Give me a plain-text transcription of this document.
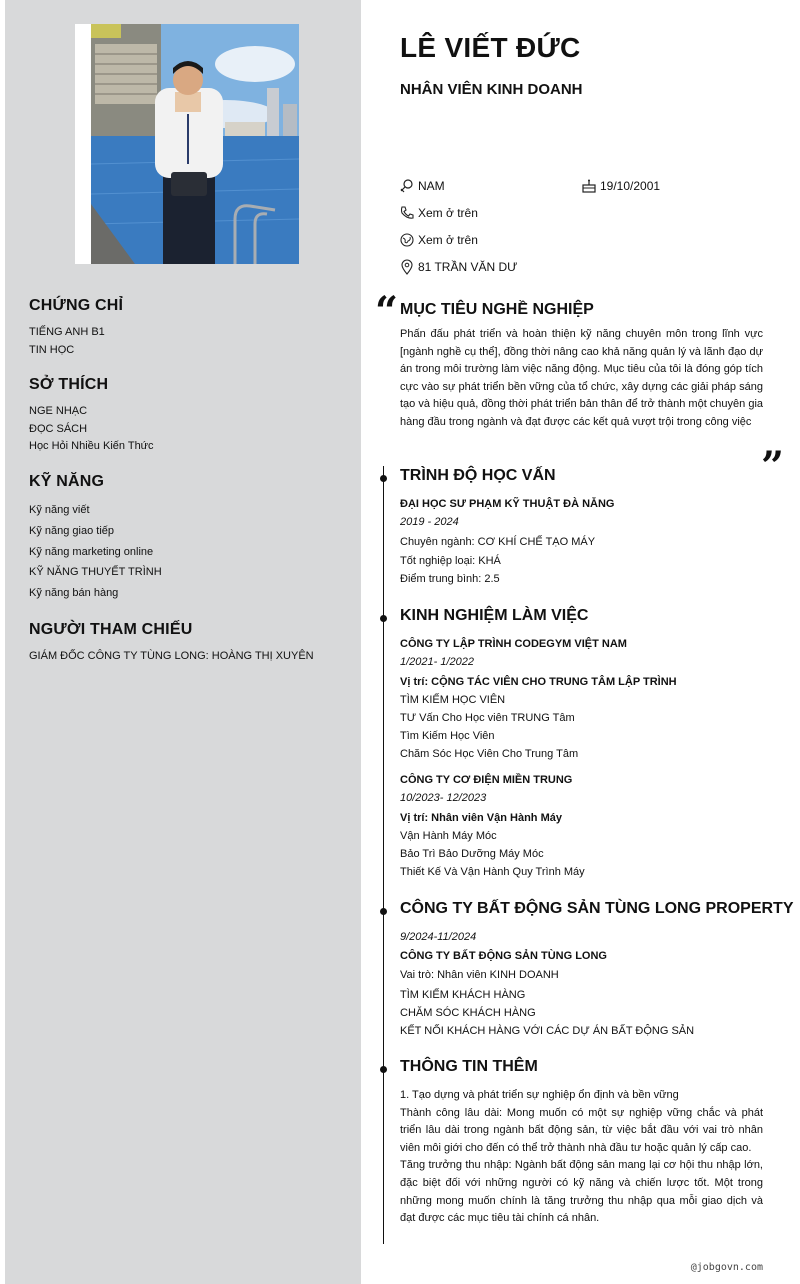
CHỨNG CHỈ
TIẾNG ANH B1
TIN HỌC
SỞ THÍCH
NGE NHẠC
ĐỌC SÁCH
Học Hỏi Nhiều Kiến Thức
KỸ NĂNG
Kỹ năng viết
Kỹ năng giao tiếp
Kỹ năng marketing online
KỸ NĂNG THUYẾT TRÌNH
Kỹ năng bán hàng
NGƯỜI THAM CHIẾU
GIÁM ĐỐC CÔNG TY TÙNG LONG: HOÀNG THỊ XUYÊN
LÊ VIẾT ĐỨC
NHÂN VIÊN KINH DOANH
NAM	19/10/2001
Xem ở trên
Xem ở trên
81 TRẦN VĂN DƯ
“ MỤC TIÊU NGHỀ NGHIỆP
Phấn đấu phát triển và hoàn thiện kỹ năng chuyên môn trong lĩnh vực [ngành nghề cụ thể], đồng thời nâng cao khả năng quản lý và lãnh đạo dự án trong môi trường làm việc năng động. Mục tiêu của tôi là đóng góp tích cực vào sự phát triển bền vững của tổ chức, xây dựng các giải pháp sáng tạo và hiệu quả, đồng thời phát triển bản thân để trở thành một chuyên gia hàng đầu trong ngành và đạt được các kết quả vượt trội trong công việc
”
TRÌNH ĐỘ HỌC VẤN
ĐẠI HỌC SƯ PHẠM KỸ THUẬT ĐÀ NẴNG
2019 - 2024
Chuyên ngành: CƠ KHÍ CHẾ TẠO MÁY
Tốt nghiệp loại: KHÁ
Điểm trung bình: 2.5
KINH NGHIỆM LÀM VIỆC
CÔNG TY LẬP TRÌNH CODEGYM VIỆT NAM
1/2021- 1/2022
Vị trí: CỘNG TÁC VIÊN CHO TRUNG TÂM LẬP TRÌNH
TÌM KIẾM HỌC VIÊN
TƯ Vấn Cho Học viên TRUNG Tâm
Tìm Kiếm Học Viên
Chăm Sóc Học Viên Cho Trung Tâm
CÔNG TY CƠ ĐIỆN MIỀN TRUNG
10/2023- 12/2023
Vị trí: Nhân viên Vận Hành Máy
Vận Hành Máy Móc
Bảo Trì Bảo Dưỡng Máy Móc
Thiết Kế Và Vận Hành Quy Trình Máy
CÔNG TY BẤT ĐỘNG SẢN TÙNG LONG PROPERTY
9/2024-11/2024
CÔNG TY BẤT ĐỘNG SẢN TÙNG LONG
Vai trò: Nhân viên KINH DOANH
TÌM KIẾM KHÁCH HÀNG
CHĂM SÓC KHÁCH HÀNG
KẾT NỐI KHÁCH HÀNG VỚI CÁC DỰ ÁN BẤT ĐỘNG SẢN
THÔNG TIN THÊM
1. Tạo dựng và phát triển sự nghiệp ổn định và bền vững
Thành công lâu dài: Mong muốn có một sự nghiệp vững chắc và phát triển lâu dài trong ngành bất động sản, từ việc bắt đầu với vai trò nhân viên môi giới cho đến có thể trở thành nhà đầu tư hoặc quản lý cấp cao.
Tăng trưởng thu nhập: Ngành bất động sản mang lại cơ hội thu nhập lớn, đặc biệt đối với những người có kỹ năng và chiến lược tốt. Một trong những mong muốn chính là tăng trưởng thu nhập qua mỗi giao dịch và đạt được các mục tiêu tài chính cá nhân.
@jobgovn.com
